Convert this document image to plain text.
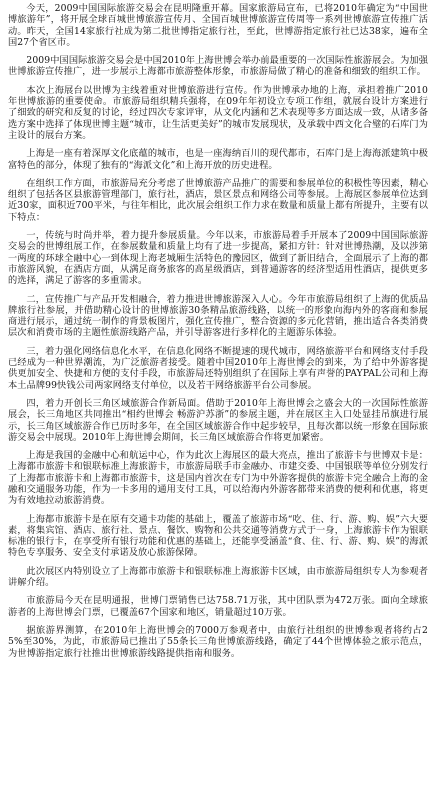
今天，2009中国国际旅游交易会在昆明隆重开幕。国家旅游局宣布，已将2010年确定为“中国世博旅游年”，将开展全球百城世博旅游宣传月、全国百城世博旅游宣传周等一系列世博旅游宣传推广活动。昨天，全国14家旅行社成为第二批世博指定旅行社，至此，世博游指定旅行社已达38家，遍布全国27个省区市。

2009中国国际旅游交易会是中国2010年上海世博会举办前最重要的一次国际性旅游展会。为加强世博旅游宣传推广，进一步展示上海都市旅游整体形象，市旅游局做了精心的准备和细致的组织工作。

本次上海展台以世博为主线着重对世博旅游进行宣传。作为世博承办地的上海，承担着推广2010年世博旅游的重要使命。市旅游局组织精兵强将，在09年年初设立专项工作组，就展台设计方案进行了细致的研究和反复的讨论，经过四次专家评审，从文化内涵和艺术表现等多方面达成一致，从诸多备选方案中选择了体现世博主题“城市，让生活更美好”的城市发展现状，及承载中西文化合璧的石库门为主设计的展台方案。

上海是一座有着深厚文化底蕴的城市，也是一座海纳百川的现代都市，石库门是上海海派建筑中极富特色的部分，体现了独有的“海派文化”和上海开放的历史进程。

在组织工作方面，市旅游局充分考虑了世博旅游产品推广的需要和参展单位的积极性等因素，精心组织了包括各区县旅游管理部门，旅行社，酒店，景区景点和网络公司等参展。上海展区参展单位达到近30家，面积近700平米，与往年相比，此次展会组织工作力求在数量和质量上都有所提升，主要有以下特点：

一，传统与时尚并举，着力提升参展质量。今年以来，市旅游局着手开展本了2009中国国际旅游交易会的世博组展工作，在参展数量和质量上均有了进一步提高，紧扣方针：针对世博热潮，及以涉第一两度的环球全融中心一到体现上海老城厢生活特色的豫园区，做到了新旧结合，全面展示了上海的都市旅游风貌，在酒店方面，从满足商务旅客的高星级酒店，到普通游客的经济型适用性酒店，提供更多的选择，满足了游客的多重需求。

二，宣传推广与产品开发相融合，着力推进世博旅游深入人心。今年市旅游局组织了上海的优质品牌旅行社参展，并借助精心设计的世博旅游30条精品旅游线路，以统一的形象向海内外的客商和参展商进行展示，通过统一制作的背景板图片，强化宣传推广，整合资源的多元化营销，推出适合各类消费层次和消费市场的主题性旅游线路产品，并引导游客进行多样化的主题游乐体验。

三，着力强化网络信息化水平，在信息化网络不断提速的现代城市，网络旅游平台和网络支付手段已经成为一种世界潮流，为广泛旅游者接受。随着中国2010年上海世博会的到来，为了给中外游客提供更加安全、快捷和方便的支付手段，市旅游局还特别组织了在国际上享有声誉的PAYPAL公司和上海本土品牌99快钱公司两家网络支付单位，以及若干网络旅游平台公司参展。

四，着力开创长三角区域旅游合作新局面。借助于2010年上海世博会之盛会大的一次国际性旅游展会，长三角地区共同推出“相约世博会 畅游沪苏浙”的参展主题，并在展区主入口处显挂吊旗进行展示，长三角区域旅游合作已历时多年，在全国区域旅游合作中起步较早，且每次都以统一形象在国际旅游交易会中展现。2010年上海世博会期间，长三角区域旅游合作将更加紧密。

上海是我国的金融中心和航运中心，作为此次上海展区的最大亮点，推出了旅游卡与世博双卡是：上海都市旅游卡和银联标准上海旅游卡，市旅游局联手市金融办、市建交委、中国银联等单位分别发行了上海都市旅游卡和上海都市旅游卡，这是国内首次在专门为中外游客提供的旅游卡完全融合上海的金融和交通服务功能，作为一卡多用的通用支付工具，可以给海内外游客都带来消费的便利和优惠，将更为有效地拉动旅游消费。

上海都市旅游卡是在原有交通卡功能的基础上，覆盖了旅游市场“吃、住、行、游、购、娱”六大要素，将集宾馆、酒店、旅行社、景点、餐饮、购物和公共交通等消费方式于一身，上海旅游卡作为银联标准的银行卡，在享受所有银行功能和优惠的基础上，还能享受涵盖“食、住、行、游、购、娱”的海派特色专享服务、安全支付承诺及放心旅游保障。

此次展区内特别设立了上海都市旅游卡和银联标准上海旅游卡区域，由市旅游局组织专人为参观者讲解介绍。

市旅游局今天在昆明通报，世博门票销售已达758.71万张，其中团队票为472万张。面向全球旅游者的上海世博会门票，已覆盖67个国家和地区，销量超过10万张。

据旅游界测算，在2010年上海世博会的7000万参观者中，由旅行社组织的世博参观者将约占25%至30%，为此，市旅游局已推出了55条长三角世博旅游线路，确定了44个世博体验之旅示范点，为世博游指定旅行社推出世博旅游线路提供指南和服务。
